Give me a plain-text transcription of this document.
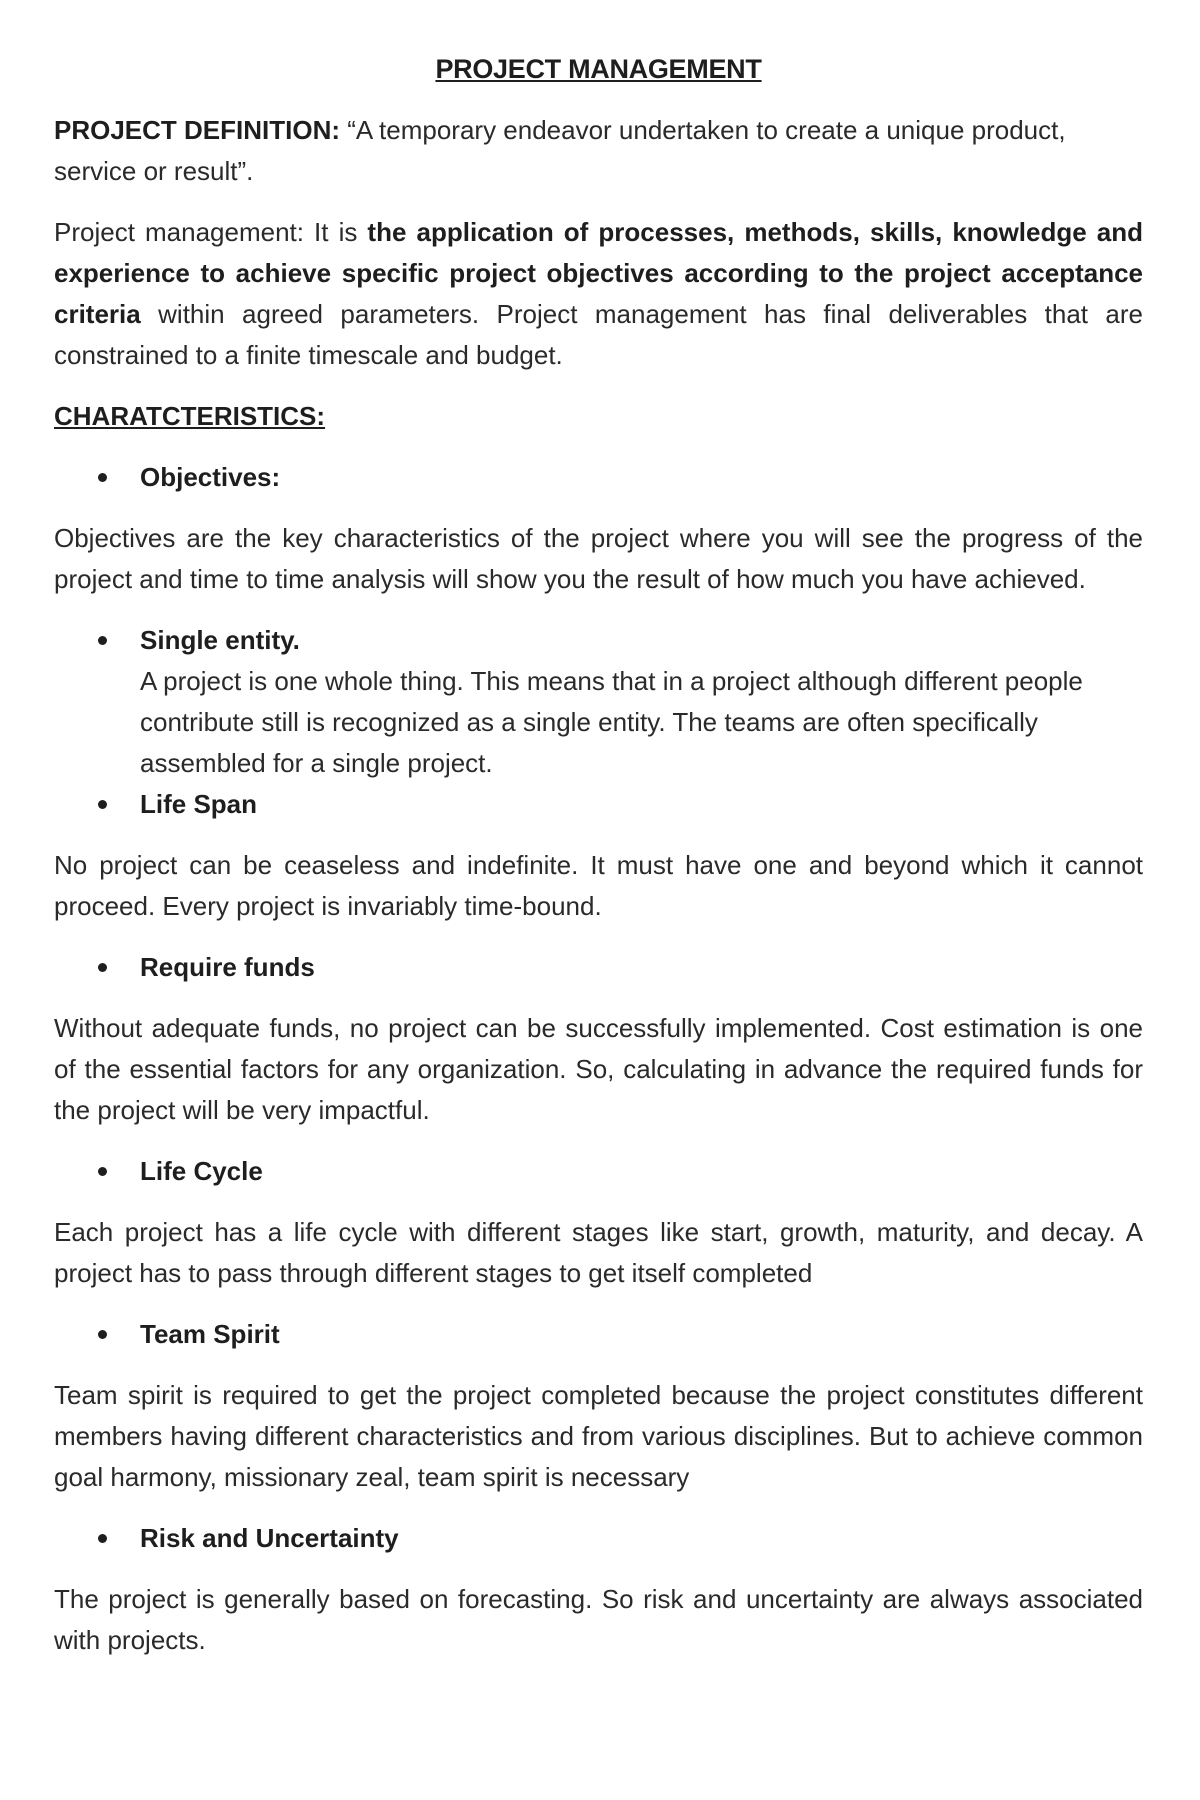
PROJECT MANAGEMENT

PROJECT DEFINITION: “A temporary endeavor undertaken to create a unique product, service or result”.

Project management: It is the application of processes, methods, skills, knowledge and experience to achieve specific project objectives according to the project acceptance criteria within agreed parameters. Project management has final deliverables that are constrained to a finite timescale and budget.

CHARATCTERISTICS:
Objectives:

Objectives are the key characteristics of the project where you will see the progress of the project and time to time analysis will show you the result of how much you have achieved.

Single entity.

A project is one whole thing. This means that in a project although different people contribute still is recognized as a single entity. The teams are often specifically assembled for a single project.

Life Span

No project can be ceaseless and indefinite. It must have one and beyond which it cannot proceed. Every project is invariably time-bound.

Require funds

Without adequate funds, no project can be successfully implemented. Cost estimation is one of the essential factors for any organization. So, calculating in advance the required funds for the project will be very impactful.

Life Cycle

Each project has a life cycle with different stages like start, growth, maturity, and decay. A project has to pass through different stages to get itself completed

Team Spirit

Team spirit is required to get the project completed because the project constitutes different members having different characteristics and from various disciplines. But to achieve common goal harmony, missionary zeal, team spirit is necessary

Risk and Uncertainty

The project is generally based on forecasting. So risk and uncertainty are always associated with projects.
